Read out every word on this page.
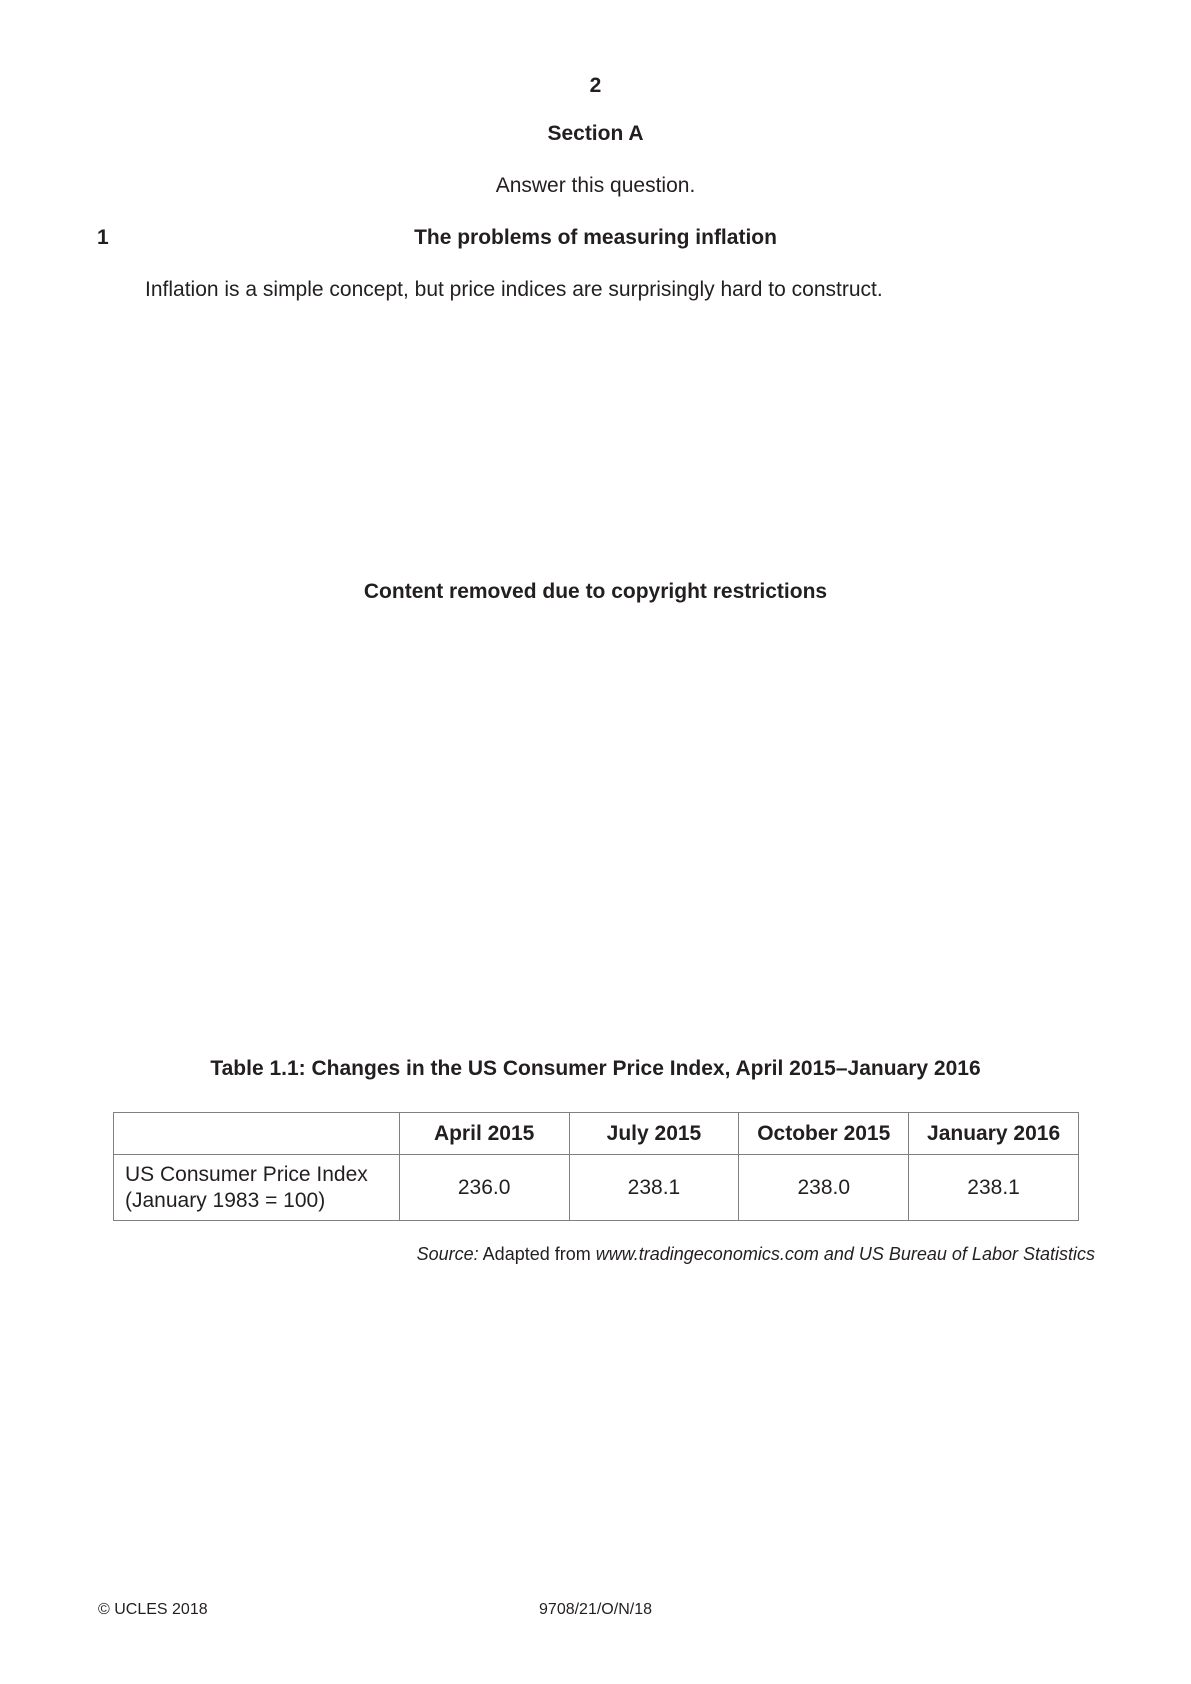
2
Section A
Answer this question.
1	The problems of measuring inflation
Inflation is a simple concept, but price indices are surprisingly hard to construct.
Content removed due to copyright restrictions
Table 1.1: Changes in the US Consumer Price Index, April 2015–January 2016
	April 2015	July 2015	October 2015	January 2016
US Consumer Price Index
(January 1983 = 100)	236.0	238.1	238.0	238.1
Source: Adapted from www.tradingeconomics.com and US Bureau of Labor Statistics
© UCLES 2018	9708/21/O/N/18
